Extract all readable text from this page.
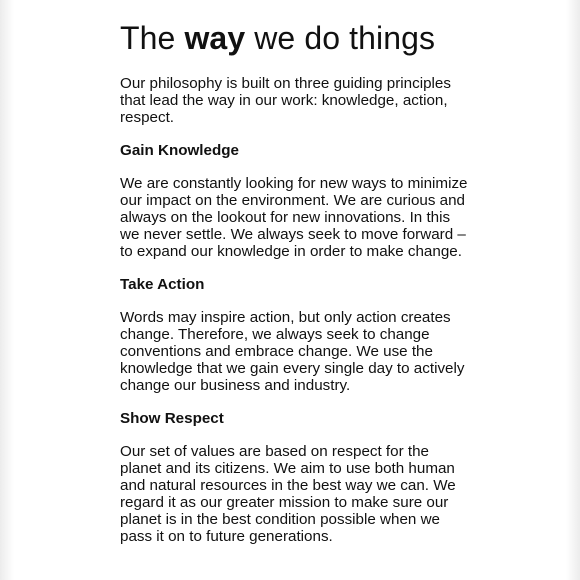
The way we do things

Our philosophy is built on three guiding principles that lead the way in our work: knowledge, action, respect.

Gain Knowledge

We are constantly looking for new ways to minimize our impact on the environment. We are curious and always on the lookout for new innovations. In this we never settle. We always seek to move forward – to expand our knowledge in order to make change.

Take Action

Words may inspire action, but only action creates change. Therefore, we always seek to change conventions and embrace change. We use the knowledge that we gain every single day to actively change our business and industry.

Show Respect

Our set of values are based on respect for the planet and its citizens. We aim to use both human and natural resources in the best way we can. We regard it as our greater mission to make sure our planet is in the best condition possible when we pass it on to future generations.
